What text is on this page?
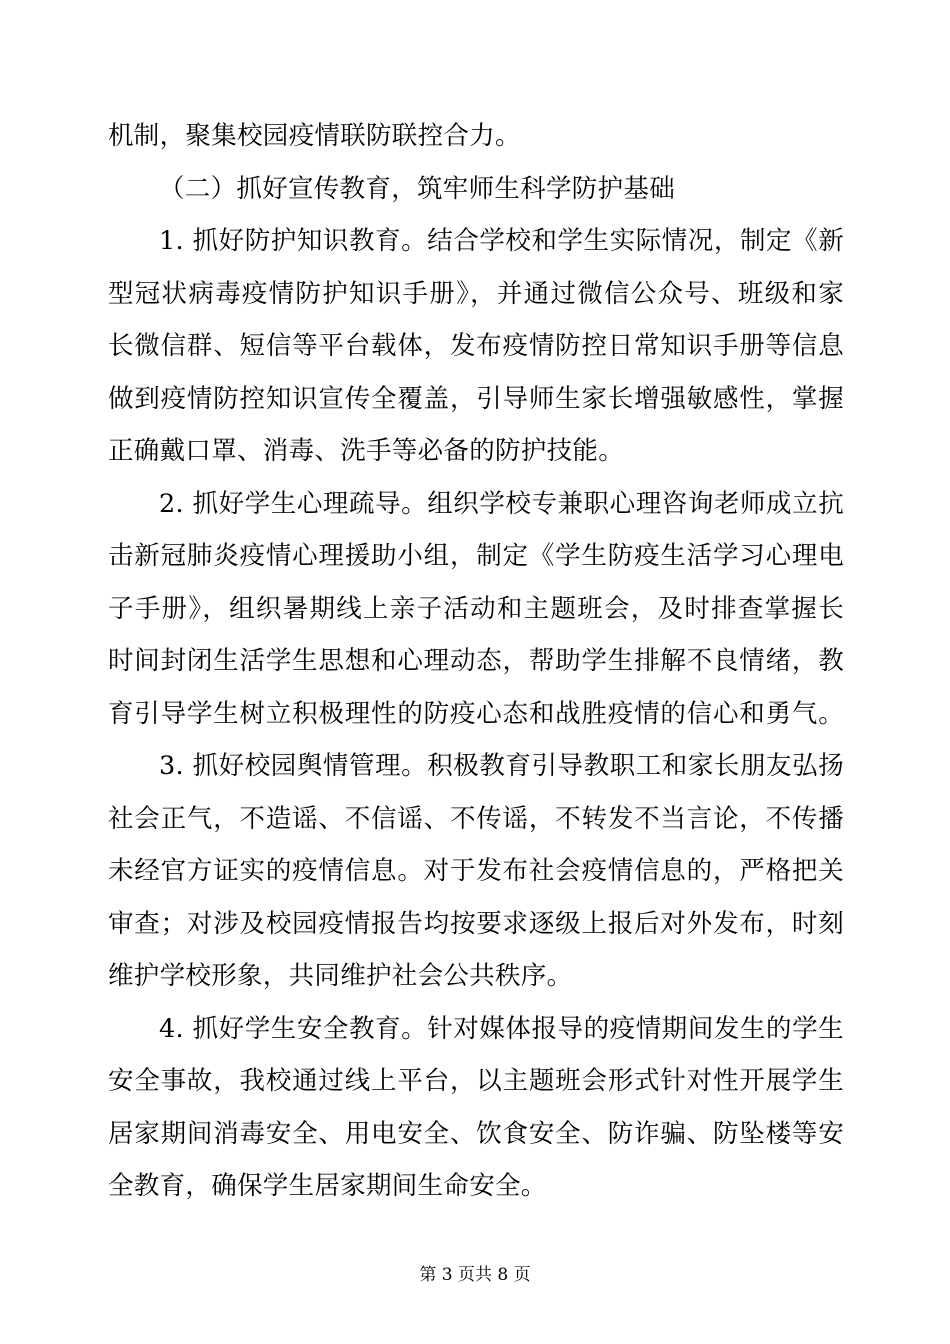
机制，聚集校园疫情联防联控合力。
（二）抓好宣传教育，筑牢师生科学防护基础
1. 抓好防护知识教育。结合学校和学生实际情况，制定《新
型冠状病毒疫情防护知识手册》，并通过微信公众号、班级和家
长微信群、短信等平台载体，发布疫情防控日常知识手册等信息
做到疫情防控知识宣传全覆盖，引导师生家长增强敏感性，掌握
正确戴口罩、消毒、洗手等必备的防护技能。
2. 抓好学生心理疏导。组织学校专兼职心理咨询老师成立抗
击新冠肺炎疫情心理援助小组，制定《学生防疫生活学习心理电
子手册》，组织暑期线上亲子活动和主题班会，及时排查掌握长
时间封闭生活学生思想和心理动态，帮助学生排解不良情绪，教
育引导学生树立积极理性的防疫心态和战胜疫情的信心和勇气。
3. 抓好校园舆情管理。积极教育引导教职工和家长朋友弘扬
社会正气，不造谣、不信谣、不传谣，不转发不当言论，不传播
未经官方证实的疫情信息。对于发布社会疫情信息的，严格把关
审查；对涉及校园疫情报告均按要求逐级上报后对外发布，时刻
维护学校形象，共同维护社会公共秩序。
4. 抓好学生安全教育。针对媒体报导的疫情期间发生的学生
安全事故，我校通过线上平台，以主题班会形式针对性开展学生
居家期间消毒安全、用电安全、饮食安全、防诈骗、防坠楼等安
全教育，确保学生居家期间生命安全。
第 3 页共 8 页
